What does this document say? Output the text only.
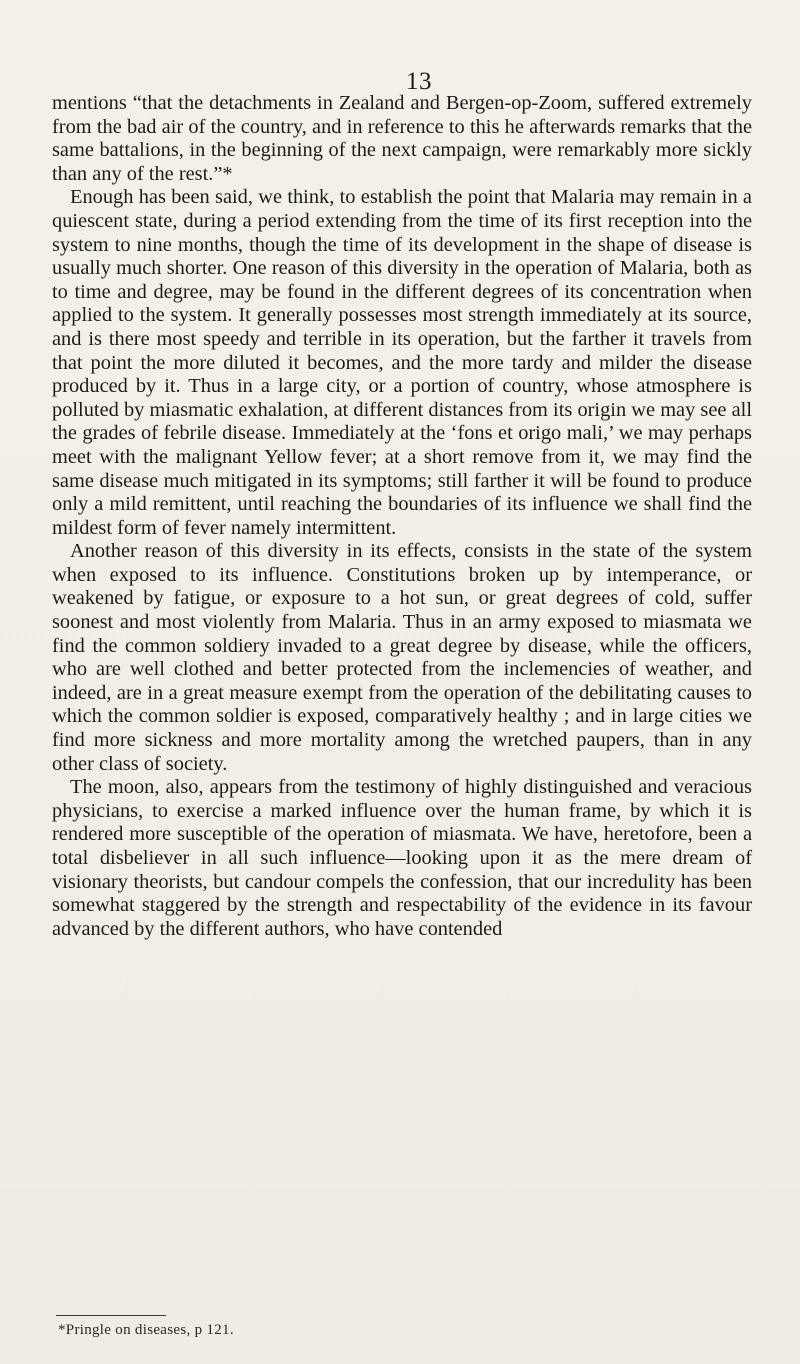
13

mentions “that the detachments in Zealand and Bergen-op-Zoom, suffered extremely from the bad air of the country, and in reference to this he afterwards remarks that the same battalions, in the beginning of the next campaign, were remarkably more sickly than any of the rest.”*

Enough has been said, we think, to establish the point that Malaria may remain in a quiescent state, during a period extending from the time of its first reception into the system to nine months, though the time of its development in the shape of disease is usually much shorter. One reason of this diversity in the operation of Malaria, both as to time and degree, may be found in the different degrees of its concentration when applied to the system. It generally possesses most strength immediately at its source, and is there most speedy and terrible in its operation, but the farther it travels from that point the more diluted it becomes, and the more tardy and milder the disease produced by it. Thus in a large city, or a portion of country, whose atmosphere is polluted by miasmatic exhalation, at different distances from its origin we may see all the grades of febrile disease. Immediately at the ‘fons et origo mali,’ we may perhaps meet with the malignant Yellow fever; at a short remove from it, we may find the same disease much mitigated in its symptoms; still farther it will be found to produce only a mild remittent, until reaching the boundaries of its influence we shall find the mildest form of fever namely intermittent.

Another reason of this diversity in its effects, consists in the state of the system when exposed to its influence. Constitutions broken up by intemperance, or weakened by fatigue, or exposure to a hot sun, or great degrees of cold, suffer soonest and most violently from Malaria. Thus in an army exposed to miasmata we find the common soldiery invaded to a great degree by disease, while the officers, who are well clothed and better protected from the inclemencies of weather, and indeed, are in a great measure exempt from the operation of the debilitating causes to which the common soldier is exposed, comparatively healthy ; and in large cities we find more sickness and more mortality among the wretched paupers, than in any other class of society.

The moon, also, appears from the testimony of highly distinguished and veracious physicians, to exercise a marked influence over the human frame, by which it is rendered more susceptible of the operation of miasmata. We have, heretofore, been a total disbeliever in all such influence—looking upon it as the mere dream of visionary theorists, but candour compels the confession, that our incredulity has been somewhat staggered by the strength and respectability of the evidence in its favour advanced by the different authors, who have contended

*Pringle on diseases, p 121.
